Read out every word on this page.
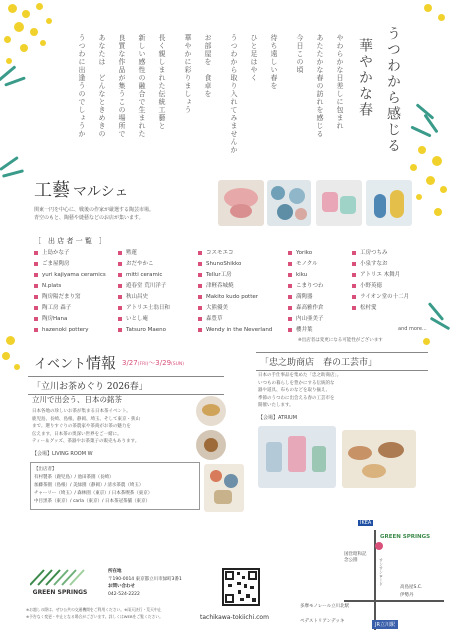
うつわから感じる
華やかな春
やわらかな日差しに包まれ
あたたかな春の訪れを感じる
今日この頃
待ち遠しい春を
ひと足はやく
うつわから取り入れてみませんか
お部屋を　食卓を
華やかに彩りましょう
長く親しまれた伝統工藝と
新しい感性の融合で生まれた
良質な作品が集うこの場所で
あなたは　どんなときめきの
うつわに出逢うのでしょうか
工藝 マルシェ
関東一円を中心に、戦後の作家が厳選する陶芸市場。
青空のもと、陶藝や縫藝などのお店が集います。
［　出 店 者 一 覧　］
上島かな子
ごま屋陶房
yuri kajiyama ceramics
N.plats
陶房陽だまり窯
陶工房 森子
陶房Hana
hazenoki pottery
黙蓮
おだやかこ
mitti ceramic
遊春堂 荒川洋子
秋山昌史
アトリエ土翁日和
いとし庵
Tatsuro Maeno
コスモエコ
ShunoShikko
Tellur工房
津軽呑城焼
Makito kudo potter
大熊優美
森豊草
Wendy in the Neverland
Yoriko
モノクル
kiku
こまりつわ
満陶器
森高雅作倉
内山亜美子
櫻井葉
工房つちみ
小泉すなお
アトリエ 木舞月
小野英徳
ライオン堂の十二月
松村愛
and more...
※出店者は変更になる可能性がございます
イベント情報 3/27(FRI)〜3/29(SUN)
「立川お茶めぐり 2026春」
立川で出会う、日本の銘茶
日本各地の珍しいお茶が集まる日本茶イベント。
鹿児島、長崎、島根、静岡、埼玉、そして東京・狭山
まで。選りすぐりの茶農家や茶商がお茶の魅力を
伝えます。日本茶の奥深い世界をご一緒に。
ティー＆グッズ、茶器やお茶菓子の販売もあります。
【会場】LIVING ROOM W
【出店者】
有村製茶（鹿児島）/ 池田茶園（長崎）
加藤茶園（島根）/ 美緑園（静岡）/ 清水茶農（埼玉）
チャーリー（埼玉）/ 森林園（東京）/ 日本茶喫茶（東京）
中目黒茶（東京）/ carla（東京）/ 日本茶冠茶舗（東京）
「忠之助商店　春の工芸市」
日本の手仕事品を集めた「忠之助商店」。
いつもの暮らしを豊かにする伝統的な
器や道具、布ものなどを取り揃え、
季節のうつわに出会える春の工芸市を
開催いたします。
【会場】ATRIUM
GREEN SPRINGS
IKEA
国営昭和記念公園	サンサンロード
高島屋S.C.
伊勢丹
多摩モノレール立川北駅
ペデストリアンデッキ
JR立川駅
GREEN SPRINGS
所在地
〒190-0014 東京都立川市緑町3番1
お問い合わせ
042-524-2222
tachikawa-tokiichi.com
※お越しの際は、ぜひ公共の交通機関をご利用ください。※雨天決行・荒天中止
※予告なく変更・中止となる場合がございます。詳しくはWEBをご覧ください。
